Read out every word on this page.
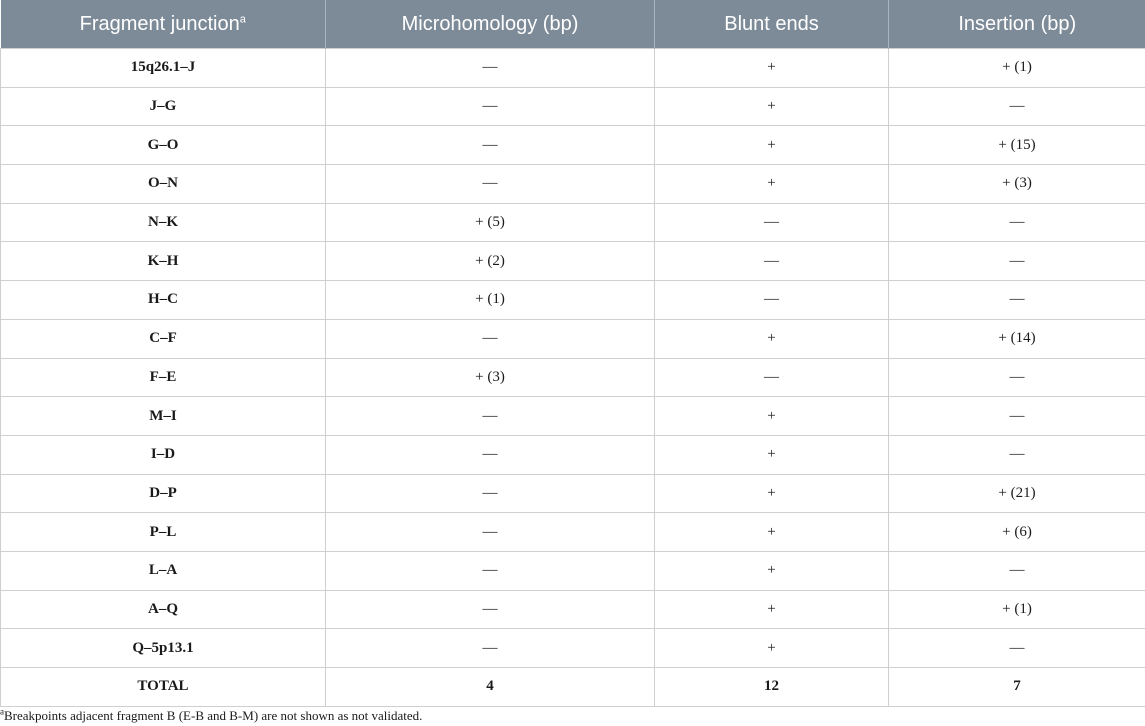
Fragment junction$^a$	Microhomology (bp)	Blunt ends	Insertion (bp)
15q26.1–J	—	+	+ (1)
J–G	—	+	—
G–O	—	+	+ (15)
O–N	—	+	+ (3)
N–K	+ (5)	—	—
K–H	+ (2)	—	—
H–C	+ (1)	—	—
C–F	—	+	+ (14)
F–E	+ (3)	—	—
M–I	—	+	—
I–D	—	+	—
D–P	—	+	+ (21)
P–L	—	+	+ (6)
L–A	—	+	—
A–Q	—	+	+ (1)
Q–5p13.1	—	+	—
TOTAL	4	12	7
$^a$Breakpoints adjacent fragment B (E-B and B-M) are not shown as not validated.
